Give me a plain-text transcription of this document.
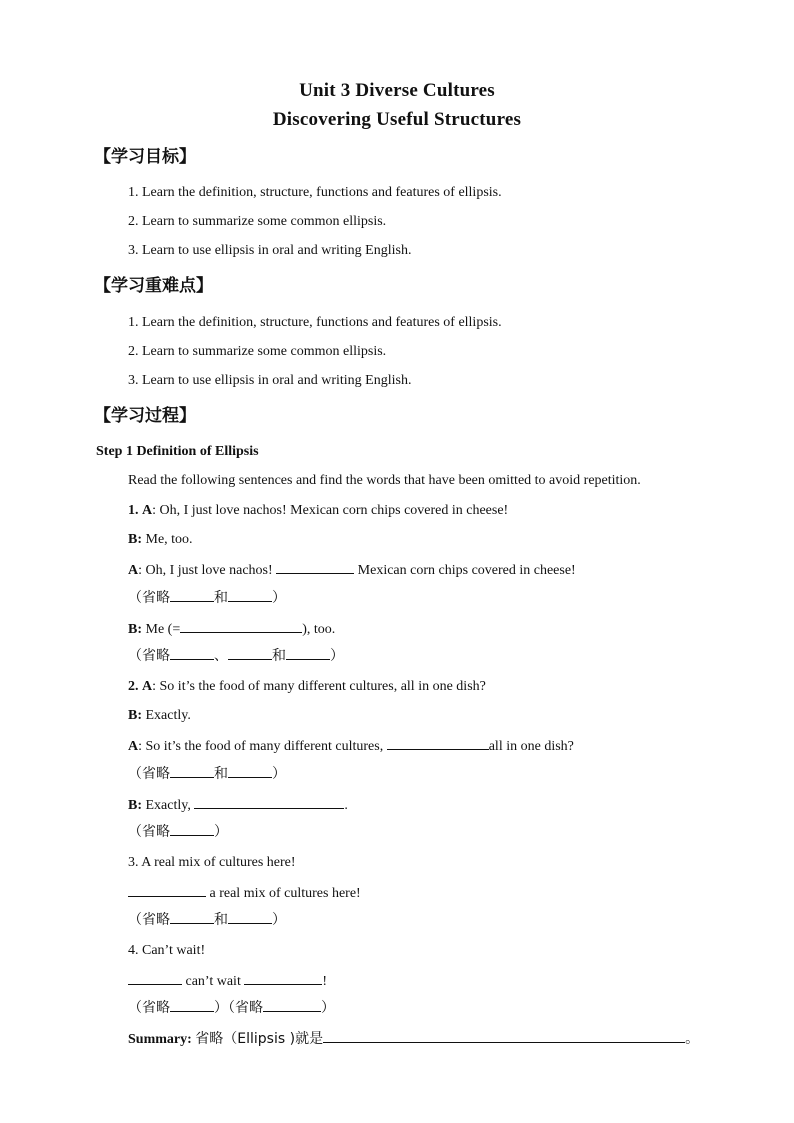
Unit 3 Diverse Cultures
Discovering Useful Structures
【学习目标】
1. Learn the definition, structure, functions and features of ellipsis.
2. Learn to summarize some common ellipsis.
3. Learn to use ellipsis in oral and writing English.
【学习重难点】
1. Learn the definition, structure, functions and features of ellipsis.
2. Learn to summarize some common ellipsis.
3. Learn to use ellipsis in oral and writing English.
【学习过程】
Step 1 Definition of Ellipsis
Read the following sentences and find the words that have been omitted to avoid repetition.
1. A: Oh, I just love nachos! Mexican corn chips covered in cheese!
B: Me, too.
A: Oh, I just love nachos!	Mexican corn chips covered in cheese!
（省略	和	）
B: Me (=	), too.
（省略	、	和	）
2. A: So it’s the food of many different cultures, all in one dish?
B: Exactly.
A: So it’s the food of many different cultures,	all in one dish?
（省略	和	）
B: Exactly,	.
（省略	）
3. A real mix of cultures here!
a real mix of cultures here!
（省略	和	）
4. Can’t wait!
can’t wait	!
（省略	）（省略	）
Summary: 省略（Ellipsis )就是	。
